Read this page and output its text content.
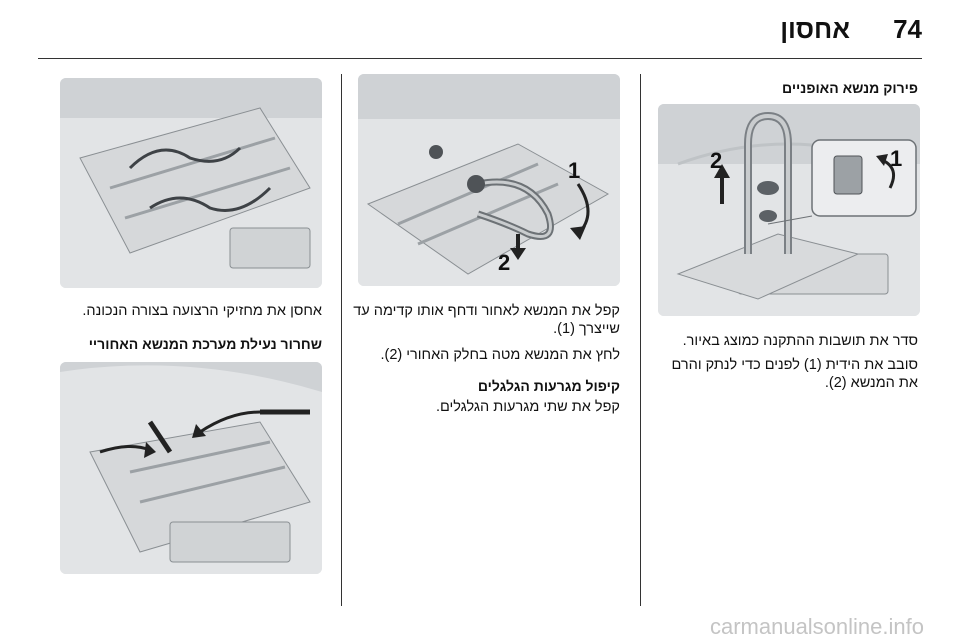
74
אחסון
פירוק מנשא האופניים
1
2
סדר את תושבות ההתקנה כמוצג באיור.
סובב את הידית (1) לפנים כדי לנתק והרם את המנשא (2).
1
2
קפל את המנשא לאחור ודחף אותו קדימה עד שייצרך (1).
לחץ את המנשא מטה בחלק האחורי (2).
קיפול מגרעות הגלגלים
קפל את שתי מגרעות הגלגלים.
אחסן את מחזיקי הרצועה בצורה הנכונה.
שחרור נעילת מערכת המנשא האחוריי
carmanualsonline.info
